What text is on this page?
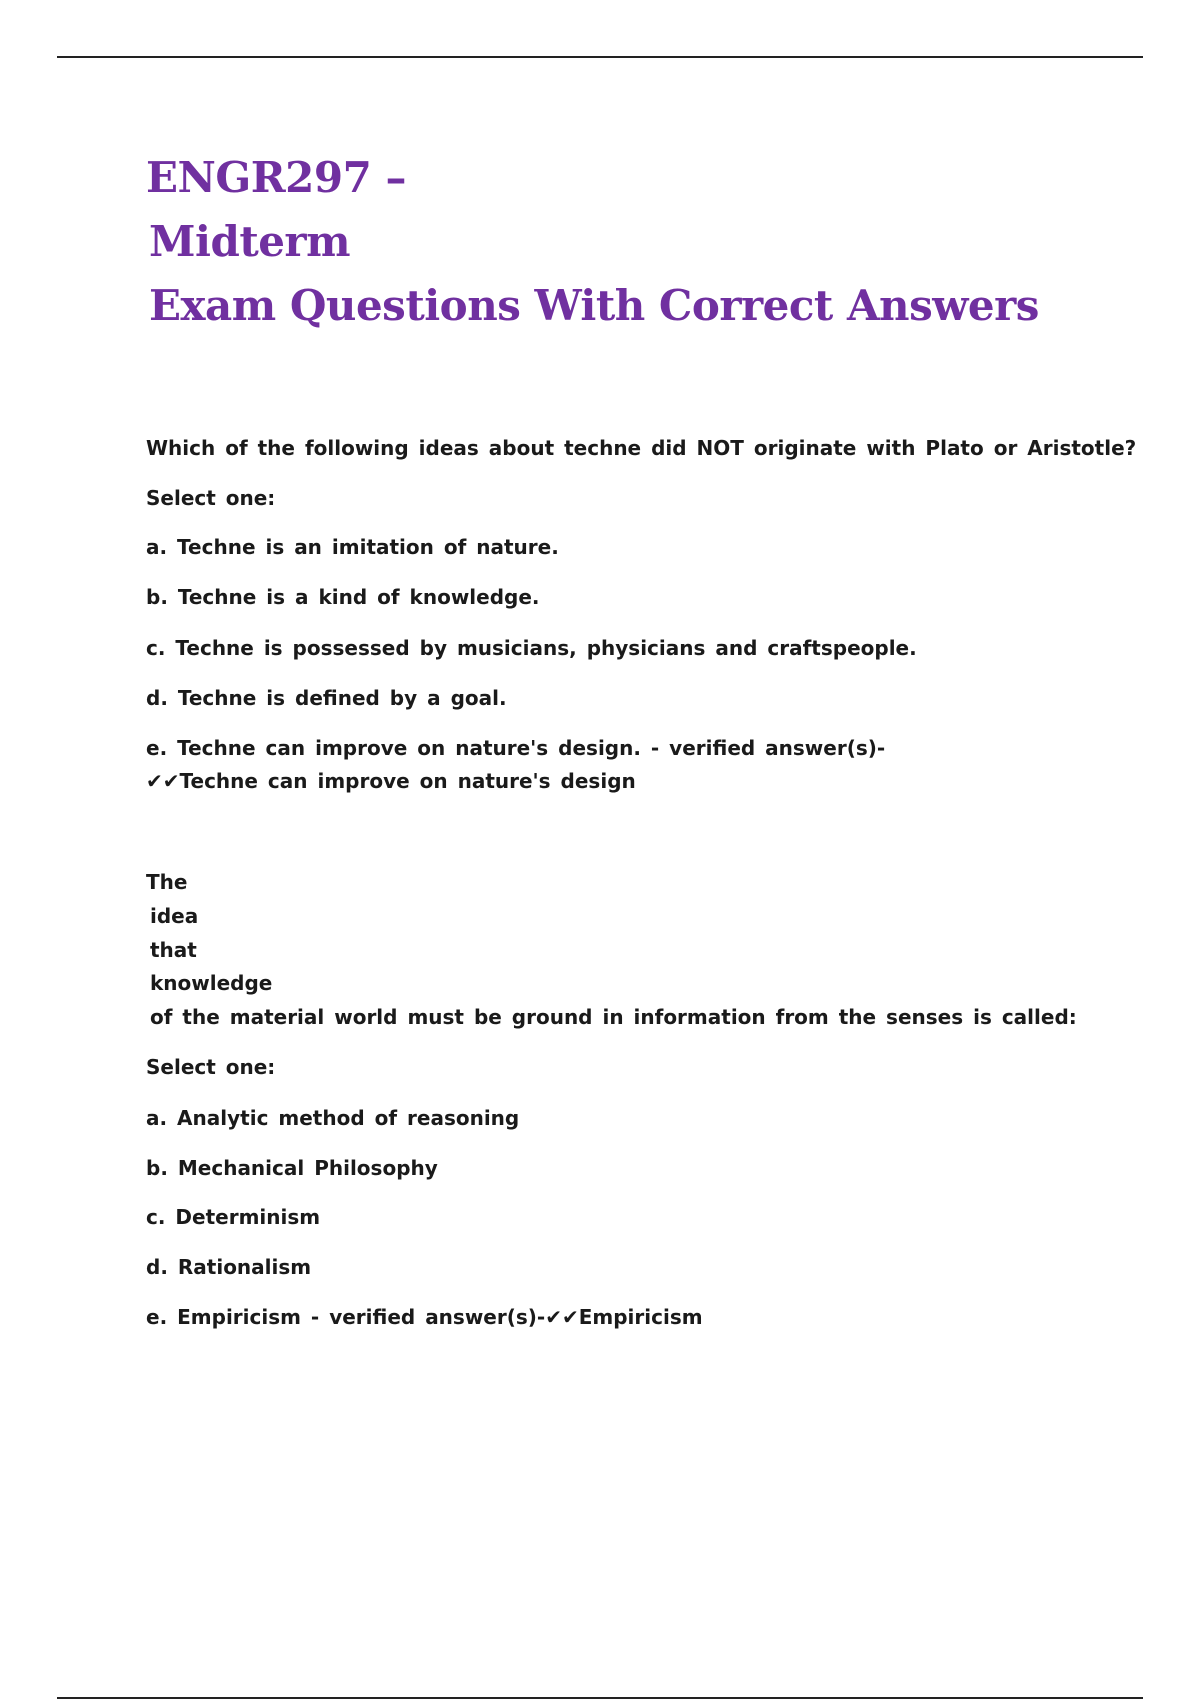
ENGR297 –
Midterm
Exam Questions With Correct Answers
Which of the following ideas about techne did NOT originate with Plato or Aristotle?
Select one:
a. Techne is an imitation of nature.
b. Techne is a kind of knowledge.
c. Techne is possessed by musicians, physicians and craftspeople.
d. Techne is defined by a goal.
e. Techne can improve on nature's design. - verified answer(s)-
✔✔Techne can improve on nature's design
The
idea
that
knowledge
of the material world must be ground in information from the senses is called:
Select one:
a. Analytic method of reasoning
b. Mechanical Philosophy
c. Determinism
d. Rationalism
e. Empiricism - verified answer(s)-✔✔Empiricism
